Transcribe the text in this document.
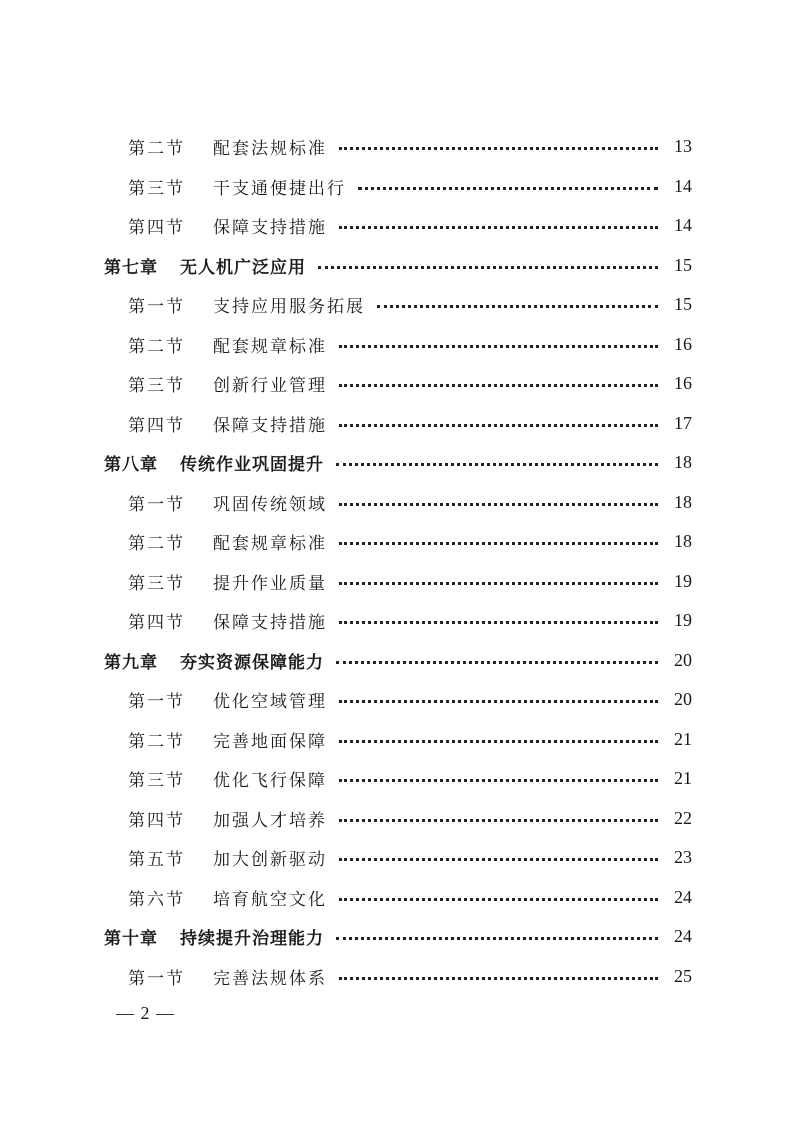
第二节 配套法规标准	13
第三节 干支通便捷出行	14
第四节 保障支持措施	14
第七章 无人机广泛应用	15
第一节 支持应用服务拓展	15
第二节 配套规章标准	16
第三节 创新行业管理	16
第四节 保障支持措施	17
第八章 传统作业巩固提升	18
第一节 巩固传统领域	18
第二节 配套规章标准	18
第三节 提升作业质量	19
第四节 保障支持措施	19
第九章 夯实资源保障能力	20
第一节 优化空域管理	20
第二节 完善地面保障	21
第三节 优化飞行保障	21
第四节 加强人才培养	22
第五节 加大创新驱动	23
第六节 培育航空文化	24
第十章 持续提升治理能力	24
第一节 完善法规体系	25
— 2 —
